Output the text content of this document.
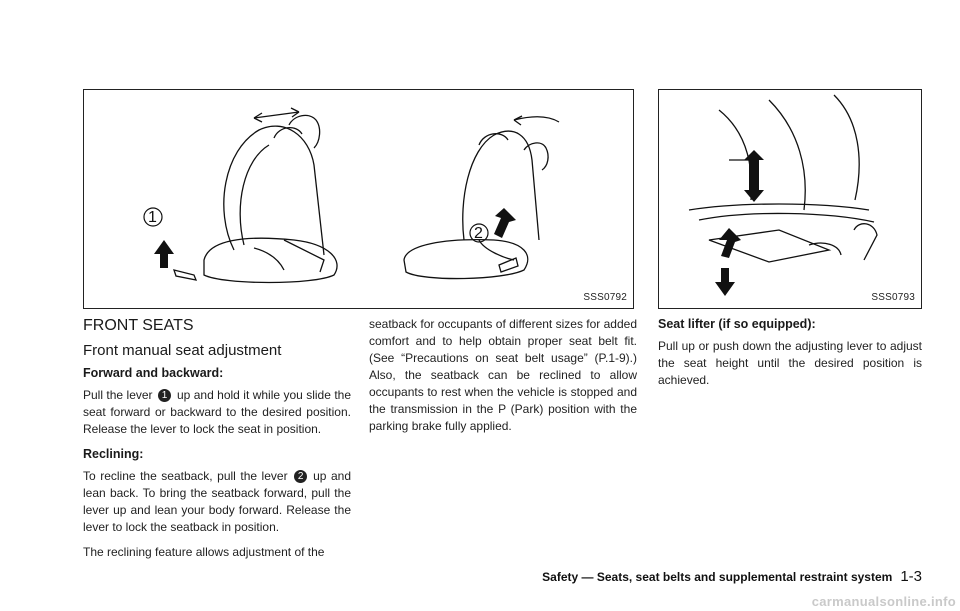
1
2
SSS0792	SSS0793
FRONT SEATS
Front manual seat adjustment
Forward and backward:
Pull the lever 1 up and hold it while you slide the seat forward or backward to the desired position. Release the lever to lock the seat in position.
Reclining:
To recline the seatback, pull the lever 2 up and lean back. To bring the seatback forward, pull the lever up and lean your body forward. Release the lever to lock the seatback in position.
The reclining feature allows adjustment of the
seatback for occupants of different sizes for added comfort and to help obtain proper seat belt fit. (See “Precautions on seat belt usage” (P.1-9).) Also, the seatback can be reclined to allow occupants to rest when the vehicle is stopped and the transmission in the P (Park) position with the parking brake fully applied.
Seat lifter (if so equipped):
Pull up or push down the adjusting lever to adjust the seat height until the desired position is achieved.
Safety — Seats, seat belts and supplemental restraint system 1-3
carmanualsonline.info
